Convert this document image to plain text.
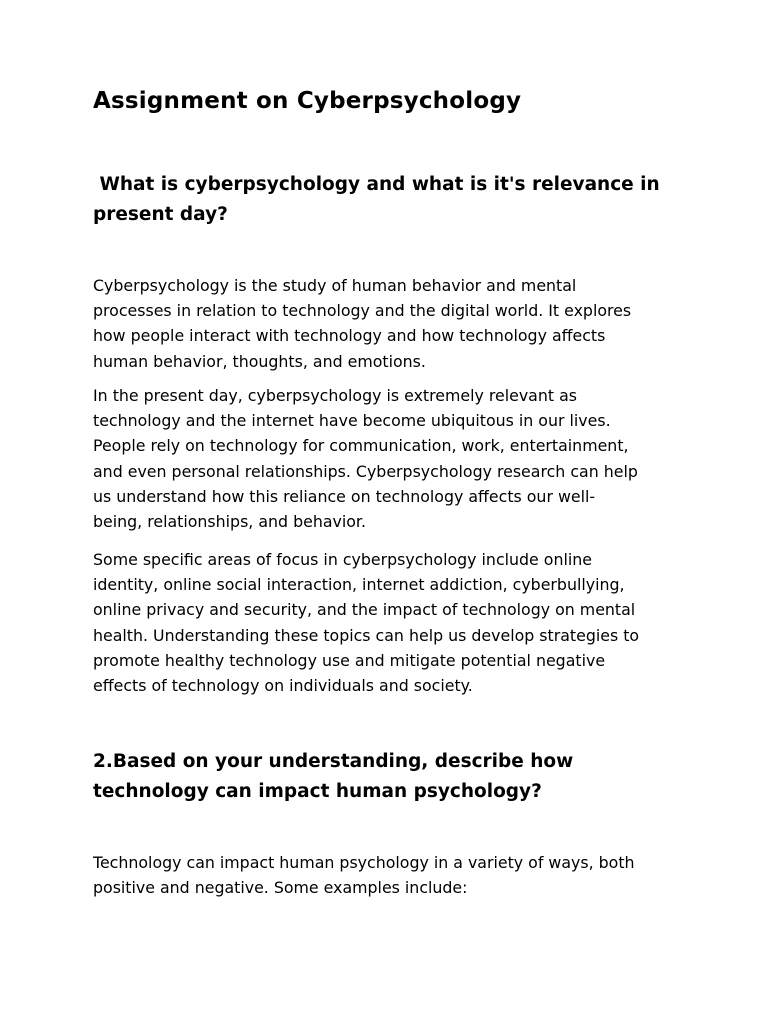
Assignment on Cyberpsychology
What is cyberpsychology and what is it's relevance in present day?

Cyberpsychology is the study of human behavior and mental
processes in relation to technology and the digital world. It explores
how people interact with technology and how technology affects
human behavior, thoughts, and emotions.

In the present day, cyberpsychology is extremely relevant as
technology and the internet have become ubiquitous in our lives.
People rely on technology for communication, work, entertainment,
and even personal relationships. Cyberpsychology research can help
us understand how this reliance on technology affects our well-
being, relationships, and behavior.

Some specific areas of focus in cyberpsychology include online
identity, online social interaction, internet addiction, cyberbullying,
online privacy and security, and the impact of technology on mental
health. Understanding these topics can help us develop strategies to
promote healthy technology use and mitigate potential negative
effects of technology on individuals and society.

2.Based on your understanding, describe how technology can impact human psychology?

Technology can impact human psychology in a variety of ways, both
positive and negative. Some examples include:
